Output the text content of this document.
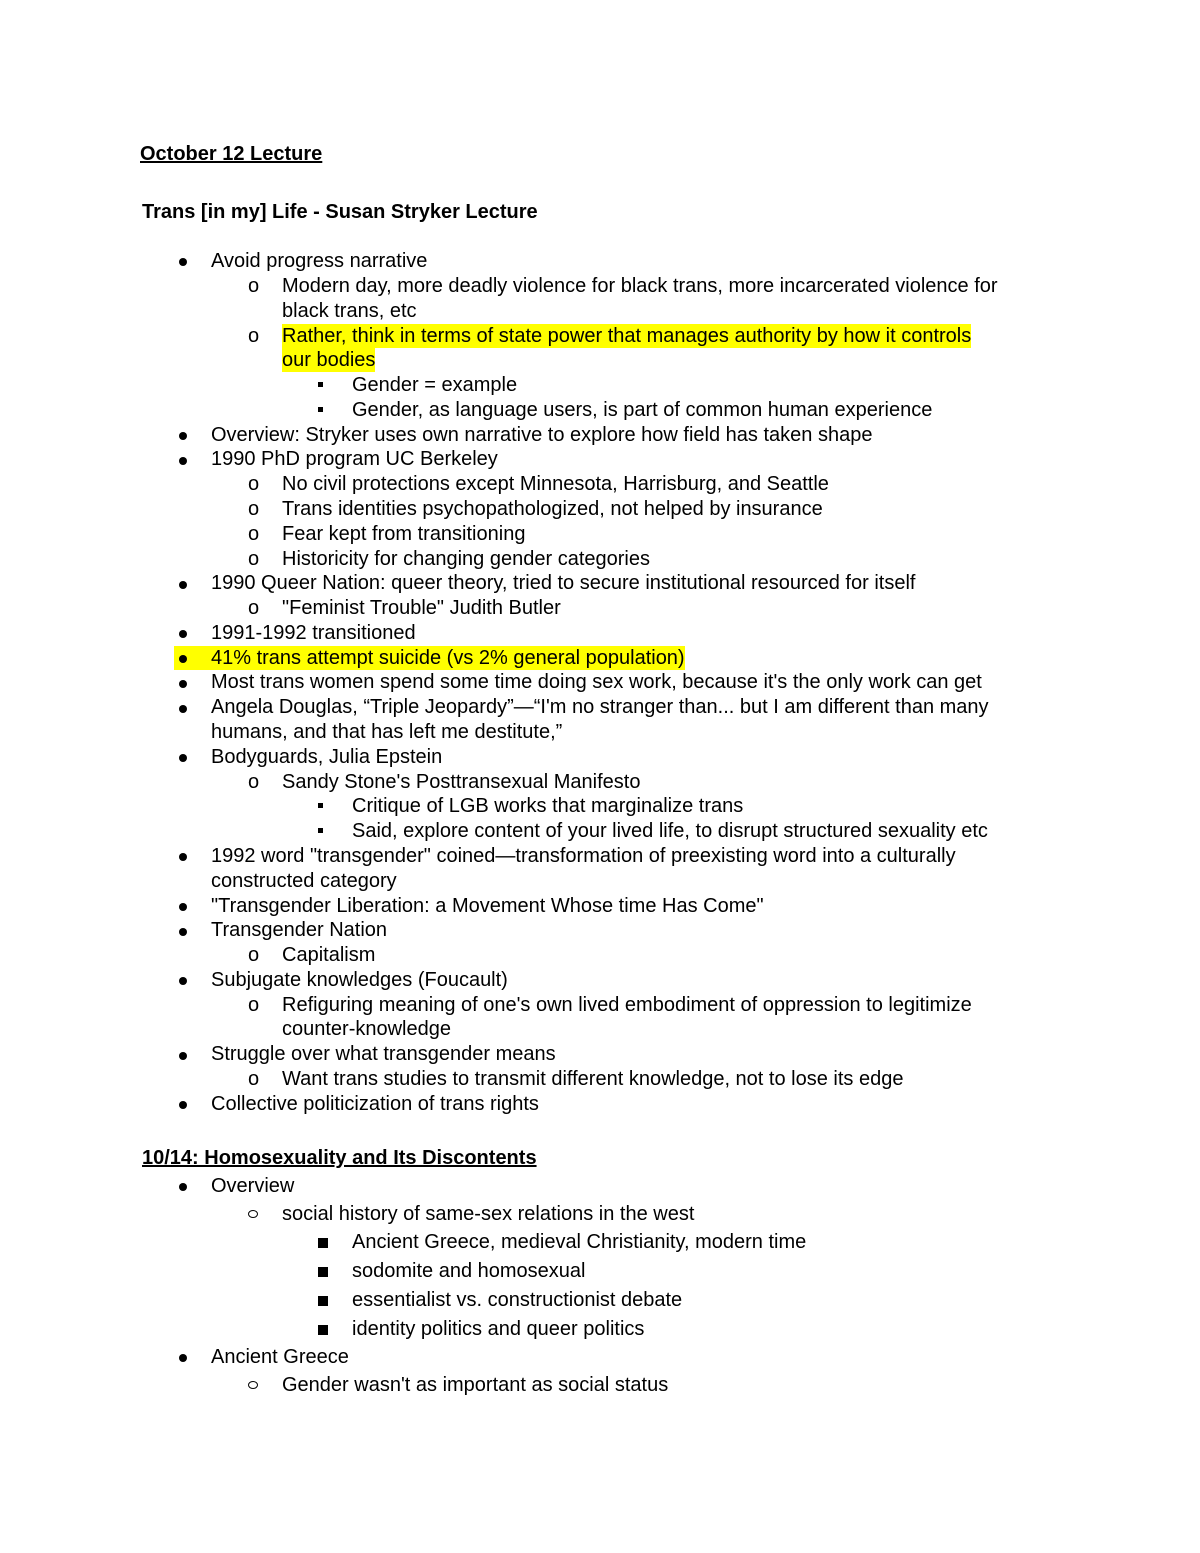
October 12 Lecture
Trans [in my] Life - Susan Stryker Lecture
Avoid progress narrative
o Modern day, more deadly violence for black trans, more incarcerated violence for
black trans, etc
o Rather, think in terms of state power that manages authority by how it controls
our bodies
Gender = example
Gender, as language users, is part of common human experience
Overview: Stryker uses own narrative to explore how field has taken shape
1990 PhD program UC Berkeley
o No civil protections except Minnesota, Harrisburg, and Seattle
o Trans identities psychopathologized, not helped by insurance
o Fear kept from transitioning
o Historicity for changing gender categories
1990 Queer Nation: queer theory, tried to secure institutional resourced for itself
o "Feminist Trouble" Judith Butler
1991-1992 transitioned
41% trans attempt suicide (vs 2% general population)
Most trans women spend some time doing sex work, because it's the only work can get
Angela Douglas, “Triple Jeopardy”—“I'm no stranger than... but I am different than many
humans, and that has left me destitute,”
Bodyguards, Julia Epstein
o Sandy Stone's Posttransexual Manifesto
Critique of LGB works that marginalize trans
Said, explore content of your lived life, to disrupt structured sexuality etc
1992 word "transgender" coined—transformation of preexisting word into a culturally
constructed category
"Transgender Liberation: a Movement Whose time Has Come"
Transgender Nation
o Capitalism
Subjugate knowledges (Foucault)
o Refiguring meaning of one's own lived embodiment of oppression to legitimize
counter-knowledge
Struggle over what transgender means
o Want trans studies to transmit different knowledge, not to lose its edge
Collective politicization of trans rights
10/14: Homosexuality and Its Discontents
Overview
social history of same-sex relations in the west
Ancient Greece, medieval Christianity, modern time
sodomite and homosexual
essentialist vs. constructionist debate
identity politics and queer politics
Ancient Greece
Gender wasn't as important as social status
